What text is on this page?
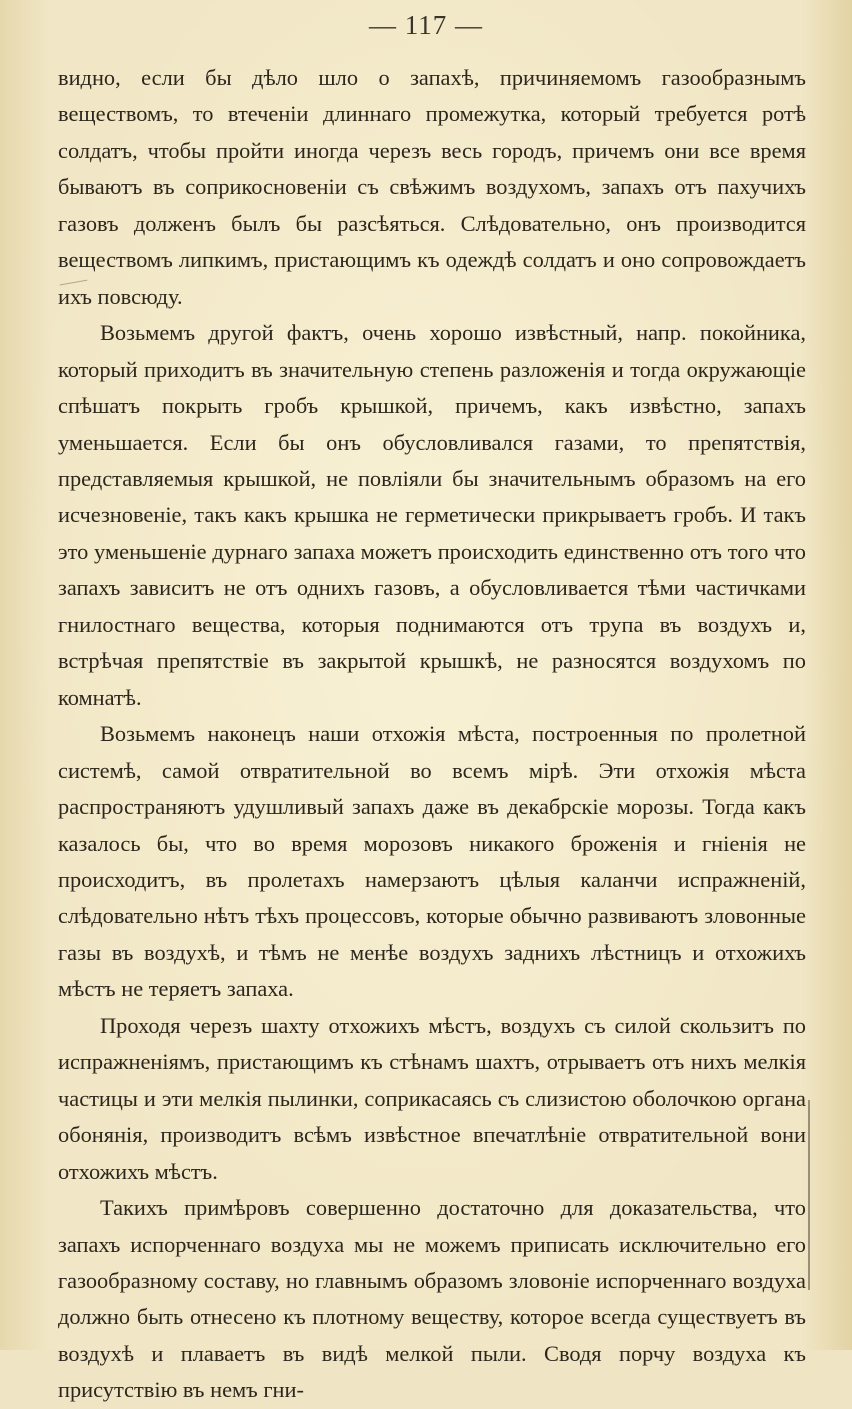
— 117 —

видно, если бы дѣло шло о запахѣ, причиняемомъ газообразнымъ веществомъ, то втеченіи длиннаго промежутка, который требуется ротѣ солдатъ, чтобы пройти иногда черезъ весь городъ, причемъ они все время бываютъ въ соприкосновеніи съ свѣжимъ воздухомъ, запахъ отъ пахучихъ газовъ долженъ былъ бы разсѣяться. Слѣдовательно, онъ производится веществомъ липкимъ, пристающимъ къ одеждѣ солдатъ и оно сопровождаетъ ихъ повсюду.

Возьмемъ другой фактъ, очень хорошо извѣстный, напр. покойника, который приходитъ въ значительную степень разложенія и тогда окружающіе спѣшатъ покрыть гробъ крышкой, причемъ, какъ извѣстно, запахъ уменьшается. Если бы онъ обусловливался газами, то препятствія, представляемыя крышкой, не повліяли бы значительнымъ образомъ на его исчезновеніе, такъ какъ крышка не герметически прикрываетъ гробъ. И такъ это уменьшеніе дурнаго запаха можетъ происходить единственно отъ того что запахъ зависитъ не отъ однихъ газовъ, а обусловливается тѣми частичками гнилостнаго вещества, которыя поднимаются отъ трупа въ воздухъ и, встрѣчая препятствіе въ закрытой крышкѣ, не разносятся воздухомъ по комнатѣ.

Возьмемъ наконецъ наши отхожія мѣста, построенныя по пролетной системѣ, самой отвратительной во всемъ мірѣ. Эти отхожія мѣста распространяютъ удушливый запахъ даже въ декабрскіе морозы. Тогда какъ казалось бы, что во время морозовъ никакого броженія и гніенія не происходитъ, въ пролетахъ намерзаютъ цѣлыя каланчи испражненій, слѣдовательно нѣтъ тѣхъ процессовъ, которые обычно развиваютъ зловонные газы въ воздухѣ, и тѣмъ не менѣе воздухъ заднихъ лѣстницъ и отхожихъ мѣстъ не теряетъ запаха.

Проходя черезъ шахту отхожихъ мѣстъ, воздухъ съ силой скользитъ по испражненіямъ, пристающимъ къ стѣнамъ шахтъ, отрываетъ отъ нихъ мелкія частицы и эти мелкія пылинки, соприкасаясь съ слизистою оболочкою органа обонянія, производитъ всѣмъ извѣстное впечатлѣніе отвратительной вони отхожихъ мѣстъ.

Такихъ примѣровъ совершенно достаточно для доказательства, что запахъ испорченнаго воздуха мы не можемъ приписать исключительно его газообразному составу, но главнымъ образомъ зловоніе испорченнаго воздуха должно быть отнесено къ плотному веществу, которое всегда существуетъ въ воздухѣ и плаваетъ въ видѣ мелкой пыли. Сводя порчу воздуха къ присутствію въ немъ гни-
